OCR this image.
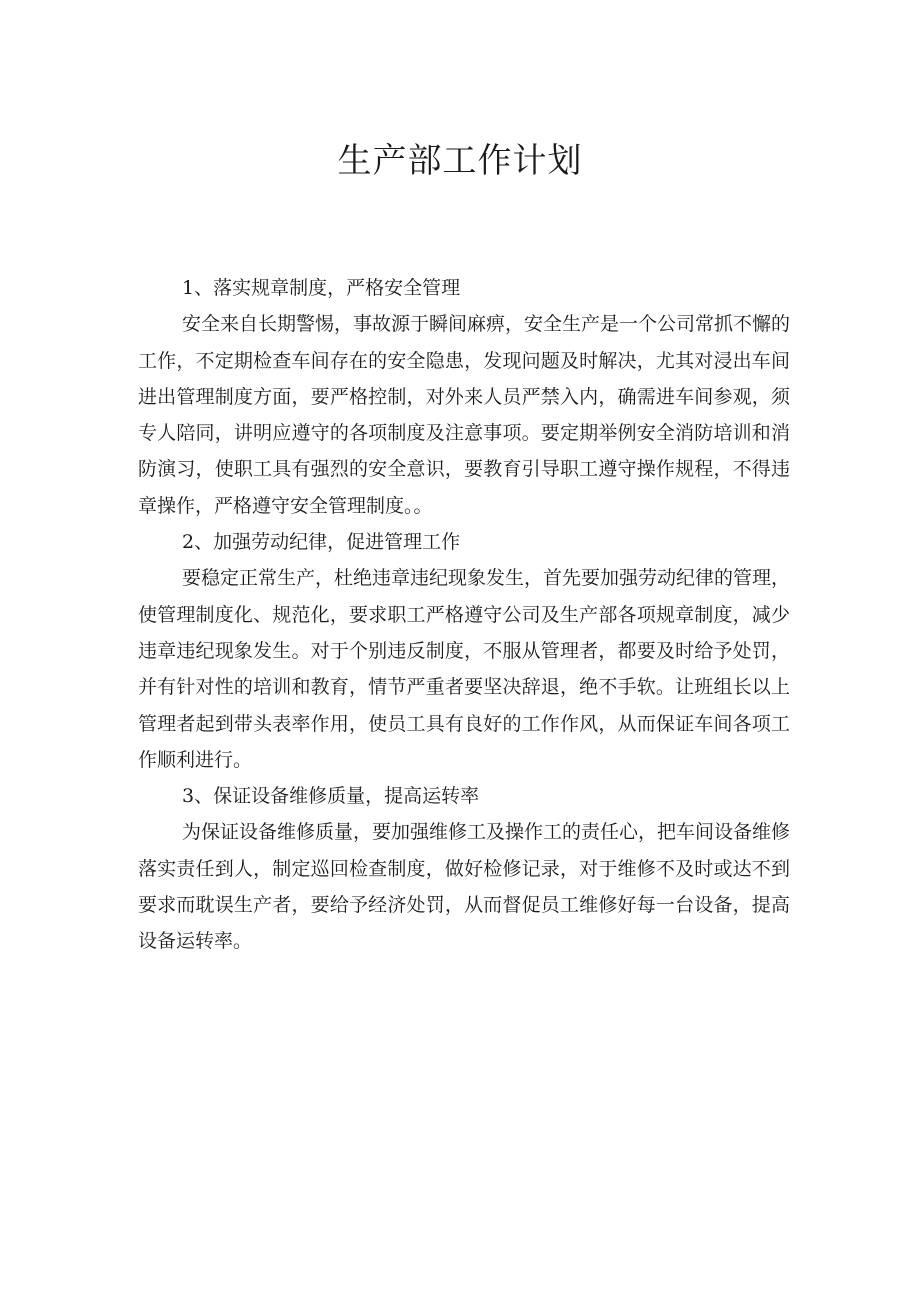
生产部工作计划

1、落实规章制度，严格安全管理

安全来自长期警惕，事故源于瞬间麻痹，安全生产是一个公司常抓不懈的工作，不定期检查车间存在的安全隐患，发现问题及时解决，尤其对浸出车间进出管理制度方面，要严格控制，对外来人员严禁入内，确需进车间参观，须专人陪同，讲明应遵守的各项制度及注意事项。要定期举例安全消防培训和消防演习，使职工具有强烈的安全意识，要教育引导职工遵守操作规程，不得违章操作，严格遵守安全管理制度。。

2、加强劳动纪律，促进管理工作

要稳定正常生产，杜绝违章违纪现象发生，首先要加强劳动纪律的管理，使管理制度化、规范化，要求职工严格遵守公司及生产部各项规章制度，减少违章违纪现象发生。对于个别违反制度，不服从管理者，都要及时给予处罚，并有针对性的培训和教育，情节严重者要坚决辞退，绝不手软。让班组长以上管理者起到带头表率作用，使员工具有良好的工作作风，从而保证车间各项工作顺利进行。

3、保证设备维修质量，提高运转率

为保证设备维修质量，要加强维修工及操作工的责任心，把车间设备维修落实责任到人，制定巡回检查制度，做好检修记录，对于维修不及时或达不到要求而耽误生产者，要给予经济处罚，从而督促员工维修好每一台设备，提高设备运转率。
